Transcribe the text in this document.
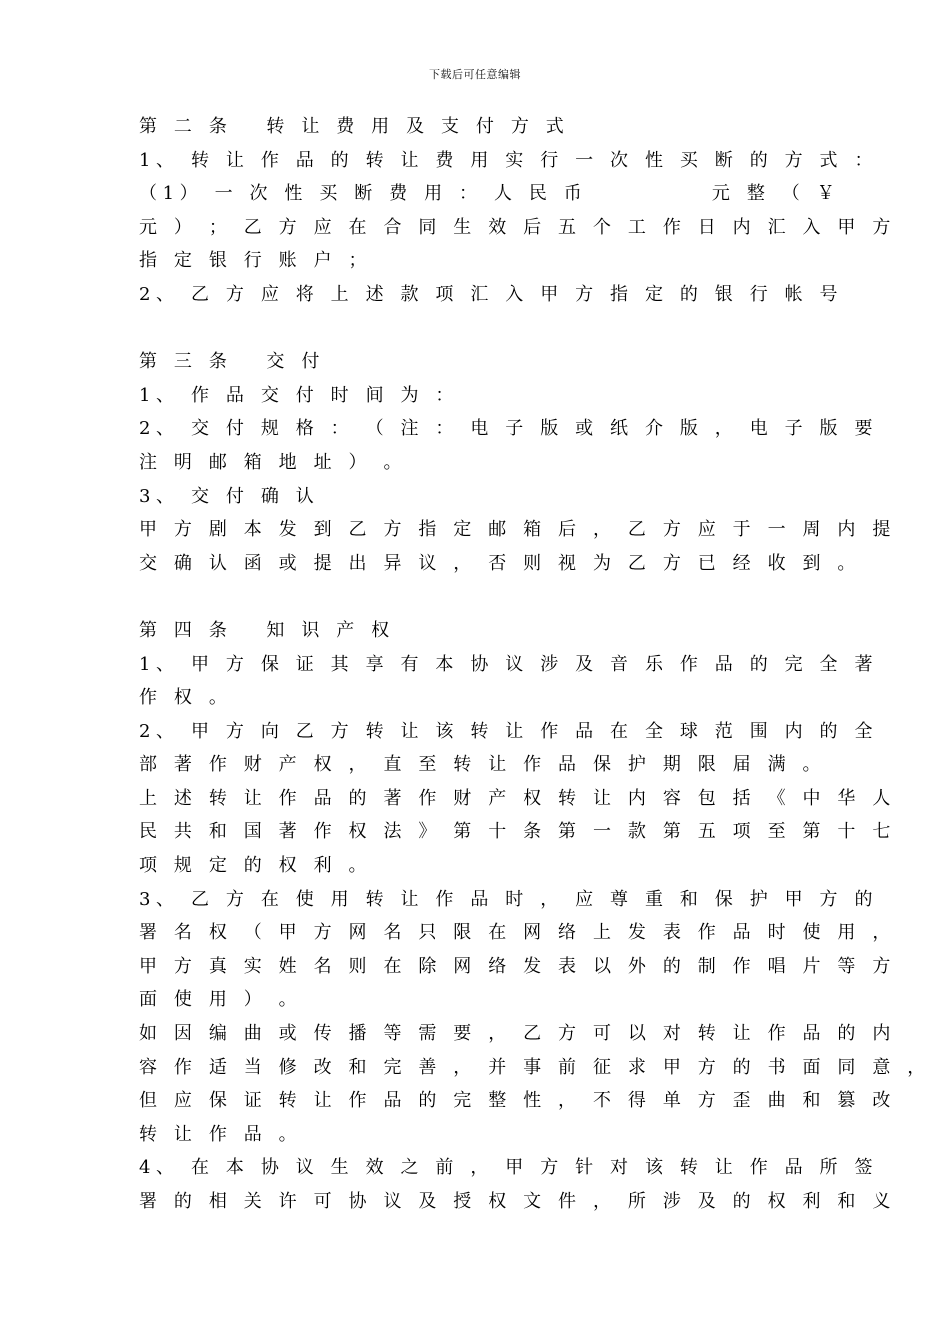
下载后可任意编辑
第 二 条   转 让 费 用 及 支 付 方 式
1、 转 让 作 品 的 转 让 费 用 实 行 一 次 性 买 断 的 方 式 ：
（1） 一 次 性 买 断 费 用 ： 人 民 币           元 整 （ ￥
元 ） ； 乙 方 应 在 合 同 生 效 后 五 个 工 作 日 内 汇 入 甲 方
指 定 银 行 账 户 ；
2、 乙 方 应 将 上 述 款 项 汇 入 甲 方 指 定 的 银 行 帐 号
第 三 条   交 付
1、 作 品 交 付 时 间 为 ：
2、 交 付 规 格 ： （ 注 ： 电 子 版 或 纸 介 版 ， 电 子 版 要
注 明 邮 箱 地 址 ） 。
3、 交 付 确 认
甲 方 剧 本 发 到 乙 方 指 定 邮 箱 后 ， 乙 方 应 于 一 周 内 提
交 确 认 函 或 提 出 异 议 ， 否 则 视 为 乙 方 已 经 收 到 。
第 四 条   知 识 产 权
1、 甲 方 保 证 其 享 有 本 协 议 涉 及 音 乐 作 品 的 完 全 著
作 权 。
2、 甲 方 向 乙 方 转 让 该 转 让 作 品 在 全 球 范 围 内 的 全
部 著 作 财 产 权 ， 直 至 转 让 作 品 保 护 期 限 届 满 。
上 述 转 让 作 品 的 著 作 财 产 权 转 让 内 容 包 括 《 中 华 人
民 共 和 国 著 作 权 法 》 第 十 条 第 一 款 第 五 项 至 第 十 七
项 规 定 的 权 利 。
3、 乙 方 在 使 用 转 让 作 品 时 ， 应 尊 重 和 保 护 甲 方 的
署 名 权 （ 甲 方 网 名 只 限 在 网 络 上 发 表 作 品 时 使 用 ，
甲 方 真 实 姓 名 则 在 除 网 络 发 表 以 外 的 制 作 唱 片 等 方
面 使 用 ） 。
如 因 编 曲 或 传 播 等 需 要 ， 乙 方 可 以 对 转 让 作 品 的 内
容 作 适 当 修 改 和 完 善 ， 并 事 前 征 求 甲 方 的 书 面 同 意 ，
但 应 保 证 转 让 作 品 的 完 整 性 ， 不 得 单 方 歪 曲 和 篡 改
转 让 作 品 。
4、 在 本 协 议 生 效 之 前 ， 甲 方 针 对 该 转 让 作 品 所 签
署 的 相 关 许 可 协 议 及 授 权 文 件 ， 所 涉 及 的 权 利 和 义
